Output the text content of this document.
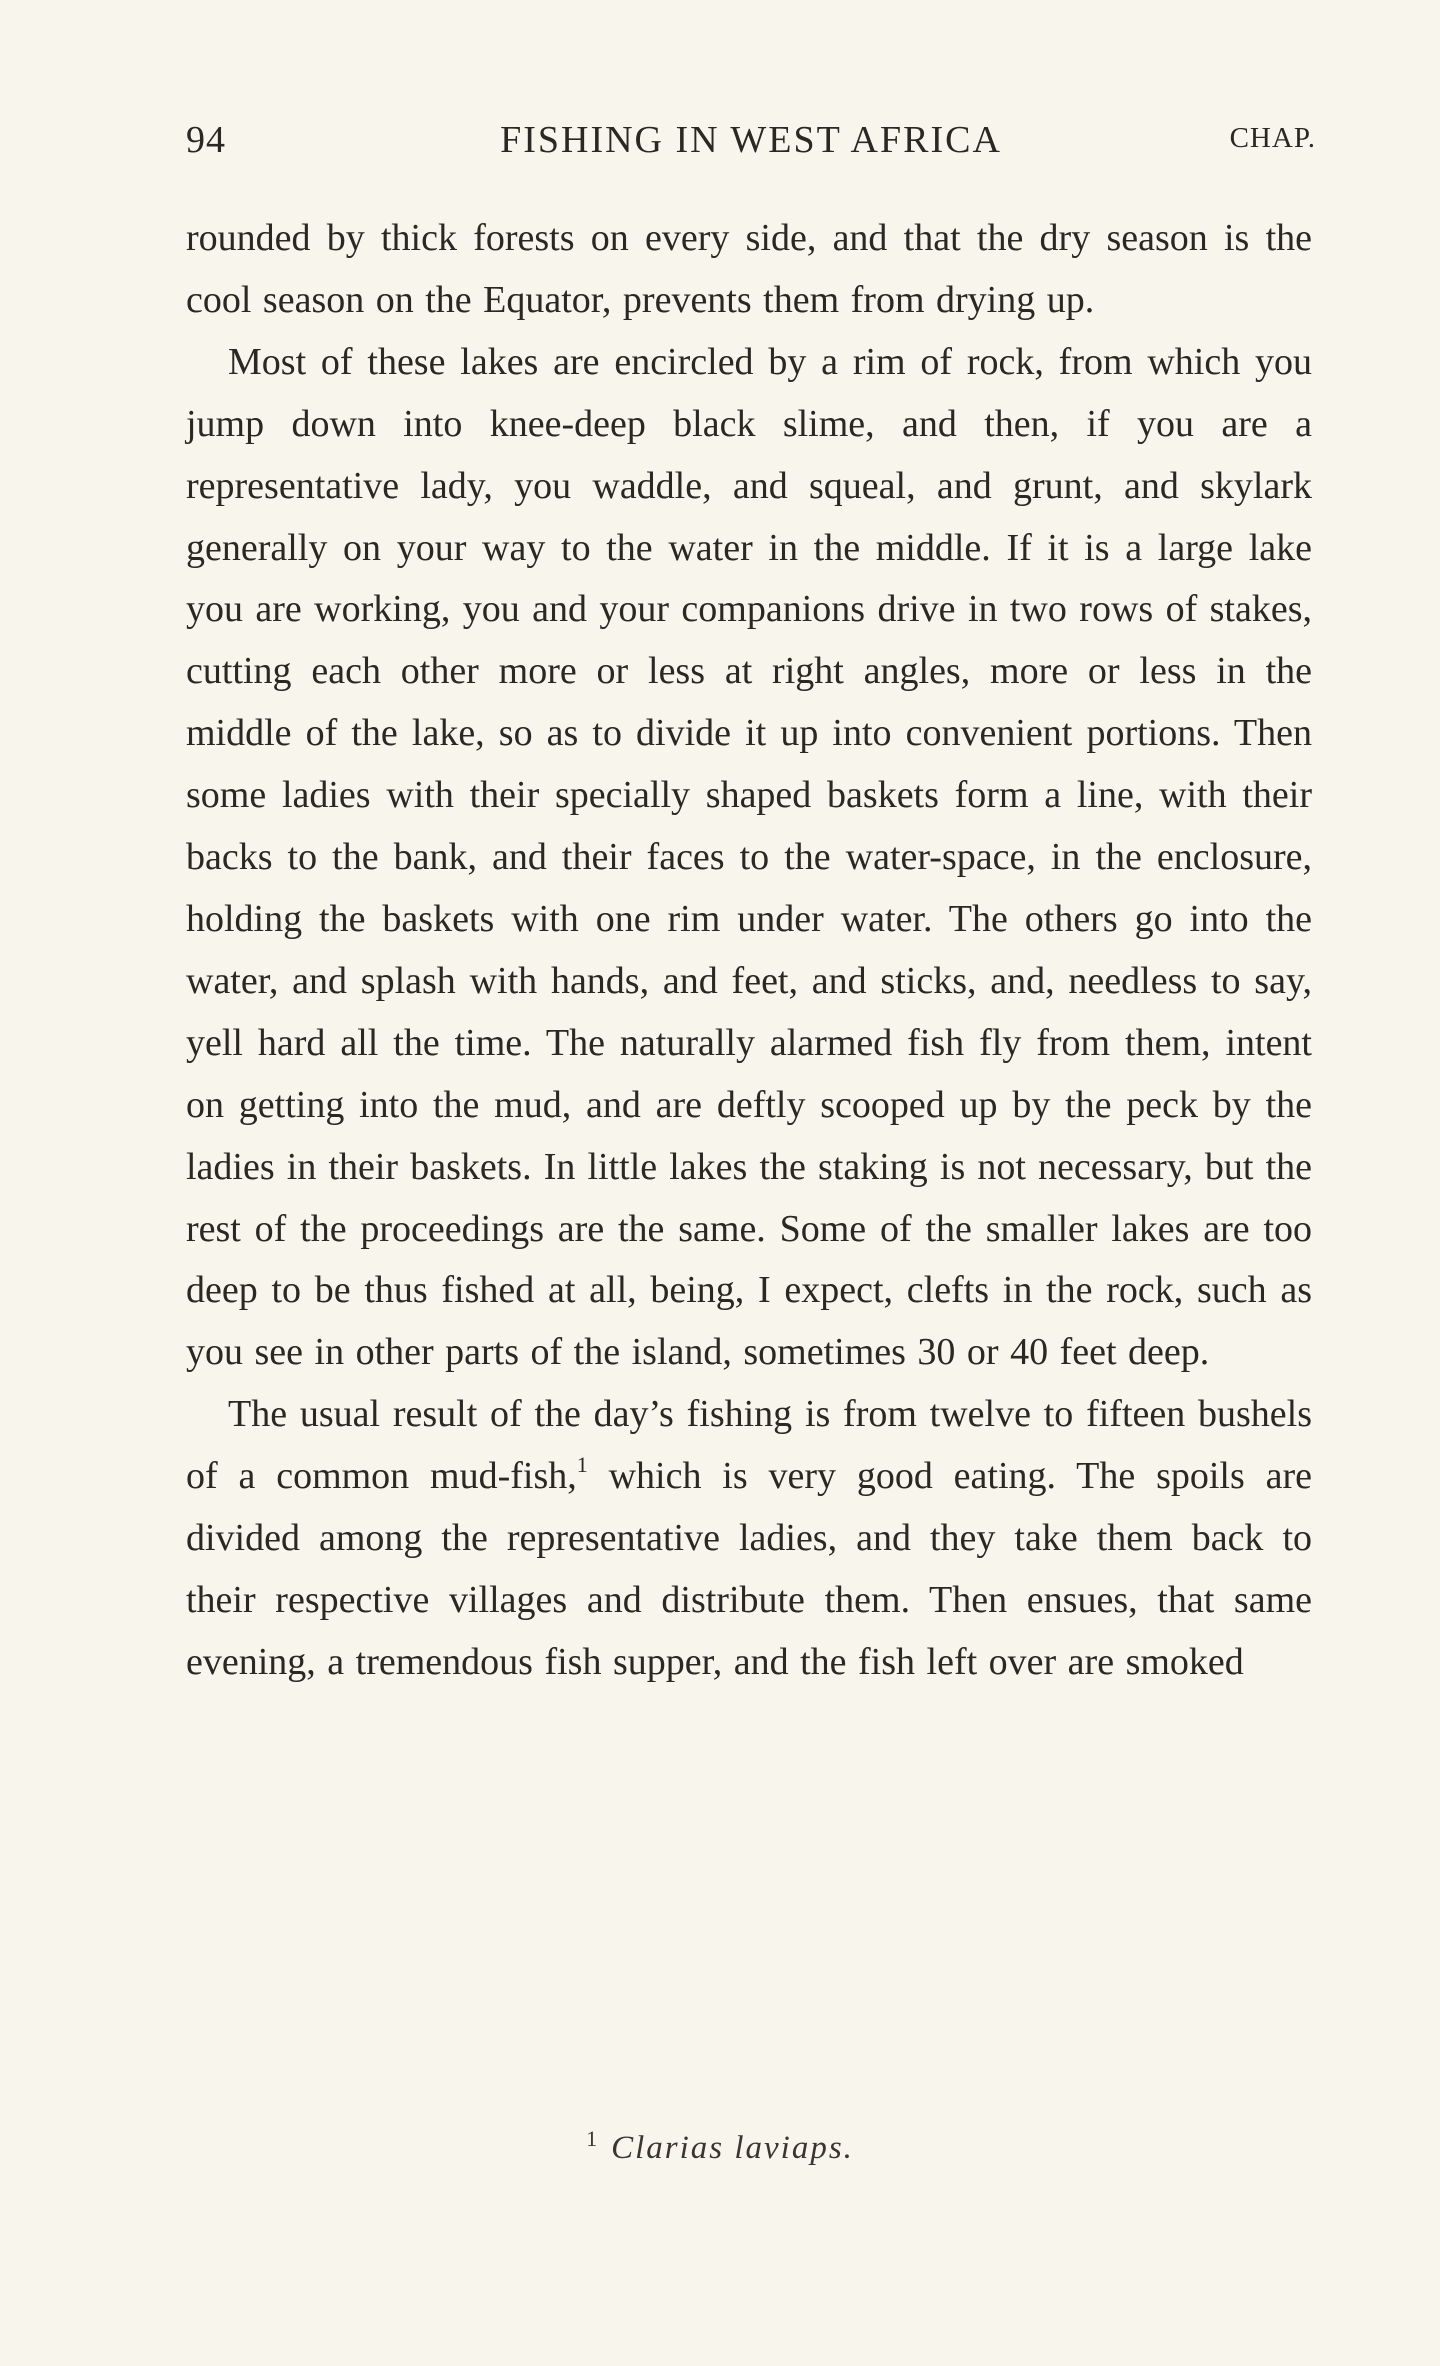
94	FISHING IN WEST AFRICA	CHAP.

rounded by thick forests on every side, and that the dry season is the cool season on the Equator, prevents them from drying up.

Most of these lakes are encircled by a rim of rock, from which you jump down into knee-deep black slime, and then, if you are a representative lady, you waddle, and squeal, and grunt, and skylark generally on your way to the water in the middle. If it is a large lake you are working, you and your companions drive in two rows of stakes, cutting each other more or less at right angles, more or less in the middle of the lake, so as to divide it up into convenient portions. Then some ladies with their specially shaped baskets form a line, with their backs to the bank, and their faces to the water-space, in the enclosure, holding the baskets with one rim under water. The others go into the water, and splash with hands, and feet, and sticks, and, needless to say, yell hard all the time. The naturally alarmed fish fly from them, intent on getting into the mud, and are deftly scooped up by the peck by the ladies in their baskets. In little lakes the staking is not necessary, but the rest of the proceedings are the same. Some of the smaller lakes are too deep to be thus fished at all, being, I expect, clefts in the rock, such as you see in other parts of the island, sometimes 30 or 40 feet deep.

The usual result of the day’s fishing is from twelve to fifteen bushels of a common mud-fish,$^1$ which is very good eating. The spoils are divided among the representative ladies, and they take them back to their respective villages and distribute them. Then ensues, that same evening, a tremendous fish supper, and the fish left over are smoked

$^1$ Clarias laviaps.
